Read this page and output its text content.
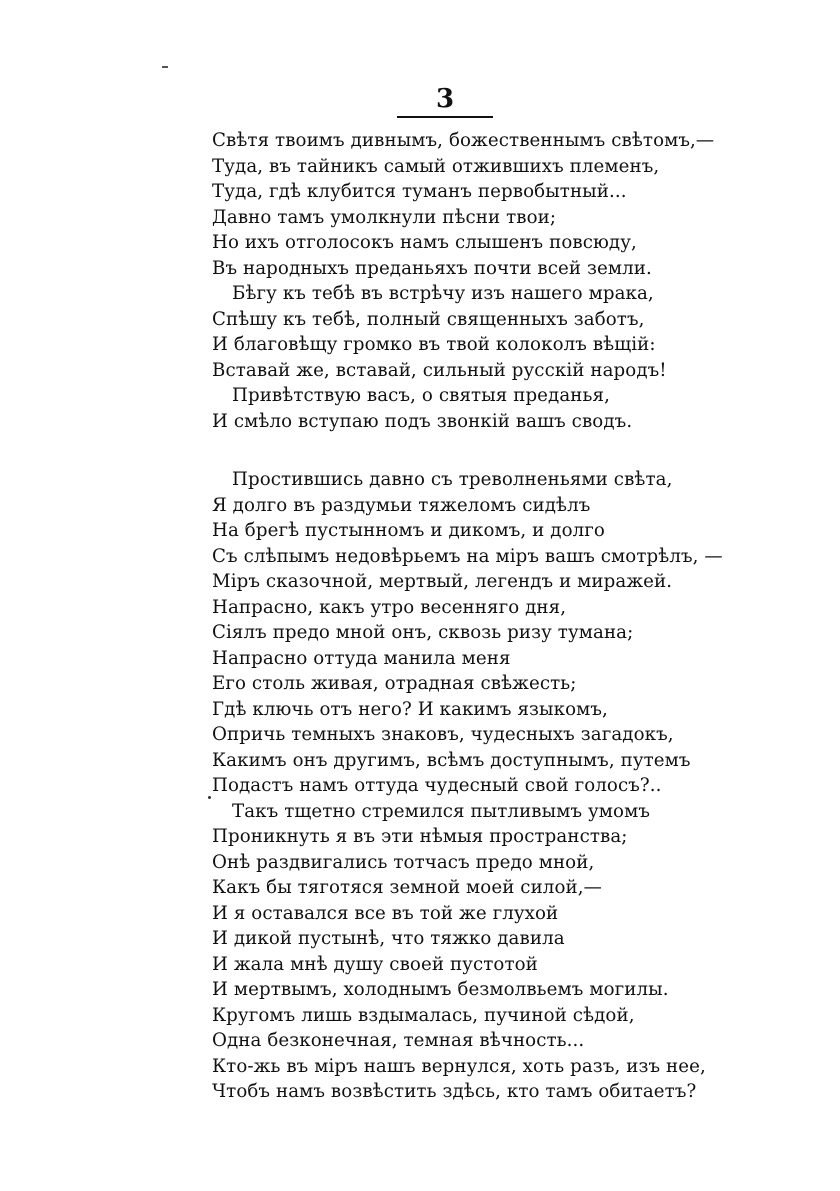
3
Свѣтя твоимъ дивнымъ, божественнымъ свѣтомъ,—
Туда, въ тайникъ самый отжившихъ племенъ,
Туда, гдѣ клубится туманъ первобытный...
Давно тамъ умолкнули пѣсни твои;
Но ихъ отголосокъ намъ слышенъ повсюду,
Въ народныхъ преданьяхъ почти всей земли.
Бѣгу къ тебѣ въ встрѣчу изъ нашего мрака,
Спѣшу къ тебѣ, полный священныхъ заботъ,
И благовѣщу громко въ твой колоколъ вѣщій:
Вставай же, вставай, сильный русскій народъ!
Привѣтствую васъ, о святыя преданья,
И смѣло вступаю подъ звонкій вашъ сводъ.
Простившись давно съ треволненьями свѣта,
Я долго въ раздумьи тяжеломъ сидѣлъ
На брегѣ пустынномъ и дикомъ, и долго
Съ слѣпымъ недовѣрьемъ на міръ вашъ смотрѣлъ, —
Міръ сказочной, мертвый, легендъ и миражей.
Напрасно, какъ утро весенняго дня,
Сіялъ предо мной онъ, сквозь ризу тумана;
Напрасно оттуда манила меня
Его столь живая, отрадная свѣжесть;
Гдѣ ключь отъ него? И какимъ языкомъ,
Опричь темныхъ знаковъ, чудесныхъ загадокъ,
Какимъ онъ другимъ, всѣмъ доступнымъ, путемъ
Подастъ намъ оттуда чудесный свой голосъ?..
Такъ тщетно стремился пытливымъ умомъ
Проникнуть я въ эти нѣмыя пространства;
Онѣ раздвигались тотчасъ предо мной,
Какъ бы тяготяся земной моей силой,—
И я оставался все въ той же глухой
И дикой пустынѣ, что тяжко давила
И жала мнѣ душу своей пустотой
И мертвымъ, холоднымъ безмолвьемъ могилы.
Кругомъ лишь вздымалась, пучиной сѣдой,
Одна безконечная, темная вѣчность...
Кто-жь въ міръ нашъ вернулся, хоть разъ, изъ нее,
Чтобъ намъ возвѣстить здѣсь, кто тамъ обитаетъ?
